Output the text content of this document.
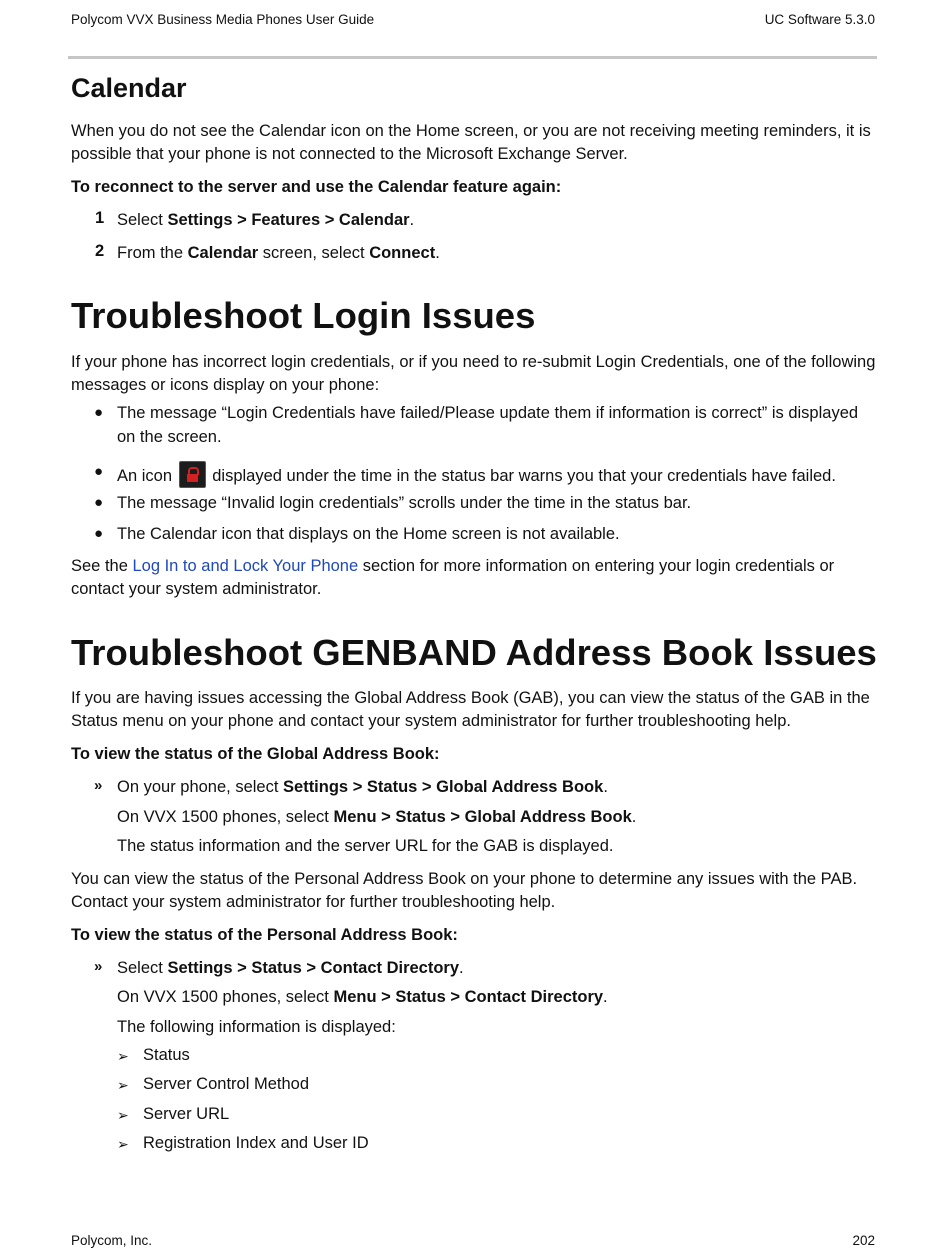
Polycom VVX Business Media Phones User Guide	UC Software 5.3.0
Calendar
When you do not see the Calendar icon on the Home screen, or you are not receiving meeting reminders, it is possible that your phone is not connected to the Microsoft Exchange Server.
To reconnect to the server and use the Calendar feature again:
1 Select Settings > Features > Calendar.
2 From the Calendar screen, select Connect.
Troubleshoot Login Issues
If your phone has incorrect login credentials, or if you need to re-submit Login Credentials, one of the following messages or icons display on your phone:
● The message “Login Credentials have failed/Please update them if information is correct” is displayed on the screen.
● An icon displayed under the time in the status bar warns you that your credentials have failed.
● The message “Invalid login credentials” scrolls under the time in the status bar.
● The Calendar icon that displays on the Home screen is not available.
See the Log In to and Lock Your Phone section for more information on entering your login credentials or contact your system administrator.
Troubleshoot GENBAND Address Book Issues
If you are having issues accessing the Global Address Book (GAB), you can view the status of the GAB in the Status menu on your phone and contact your system administrator for further troubleshooting help.
To view the status of the Global Address Book:
» On your phone, select Settings > Status > Global Address Book.
On VVX 1500 phones, select Menu > Status > Global Address Book.
The status information and the server URL for the GAB is displayed.
You can view the status of the Personal Address Book on your phone to determine any issues with the PAB. Contact your system administrator for further troubleshooting help.
To view the status of the Personal Address Book:
» Select Settings > Status > Contact Directory.
On VVX 1500 phones, select Menu > Status > Contact Directory.
The following information is displayed:
➢ Status
➢ Server Control Method
➢ Server URL
➢ Registration Index and User ID
Polycom, Inc.	202
